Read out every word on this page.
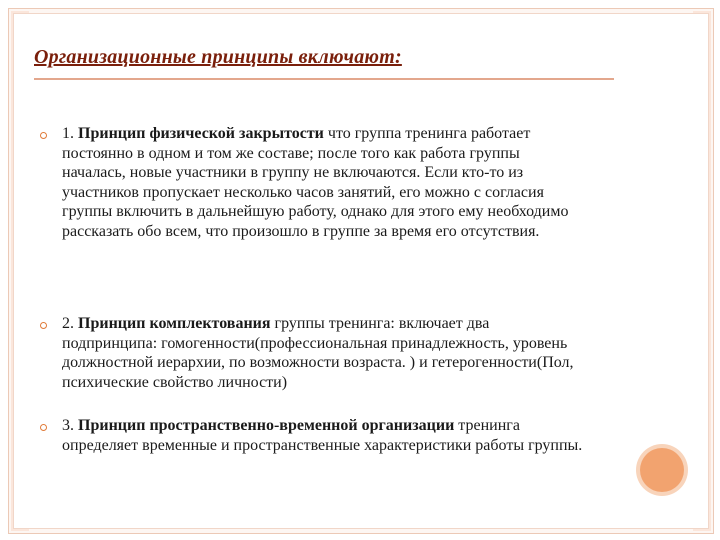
Организационные принципы включают:
1. Принцип физической закрытости что группа тренинга работает постоянно в одном и том же составе; после того как работа группы началась, новые участники в группу не включаются. Если кто-то из участников пропускает несколько часов занятий, его можно с согласия группы включить в дальнейшую работу, однако для этого ему необходимо рассказать обо всем, что произошло в группе за время его отсутствия.
2. Принцип комплектования группы тренинга: включает два подпринципа: гомогенности(профессиональная принадлежность, уровень должностной иерархии, по возможности возраста. ) и гетерогенности(Пол, психические свойство личности)
3. Принцип пространственно-временной организации тренинга определяет временные и пространственные характеристики работы группы.
